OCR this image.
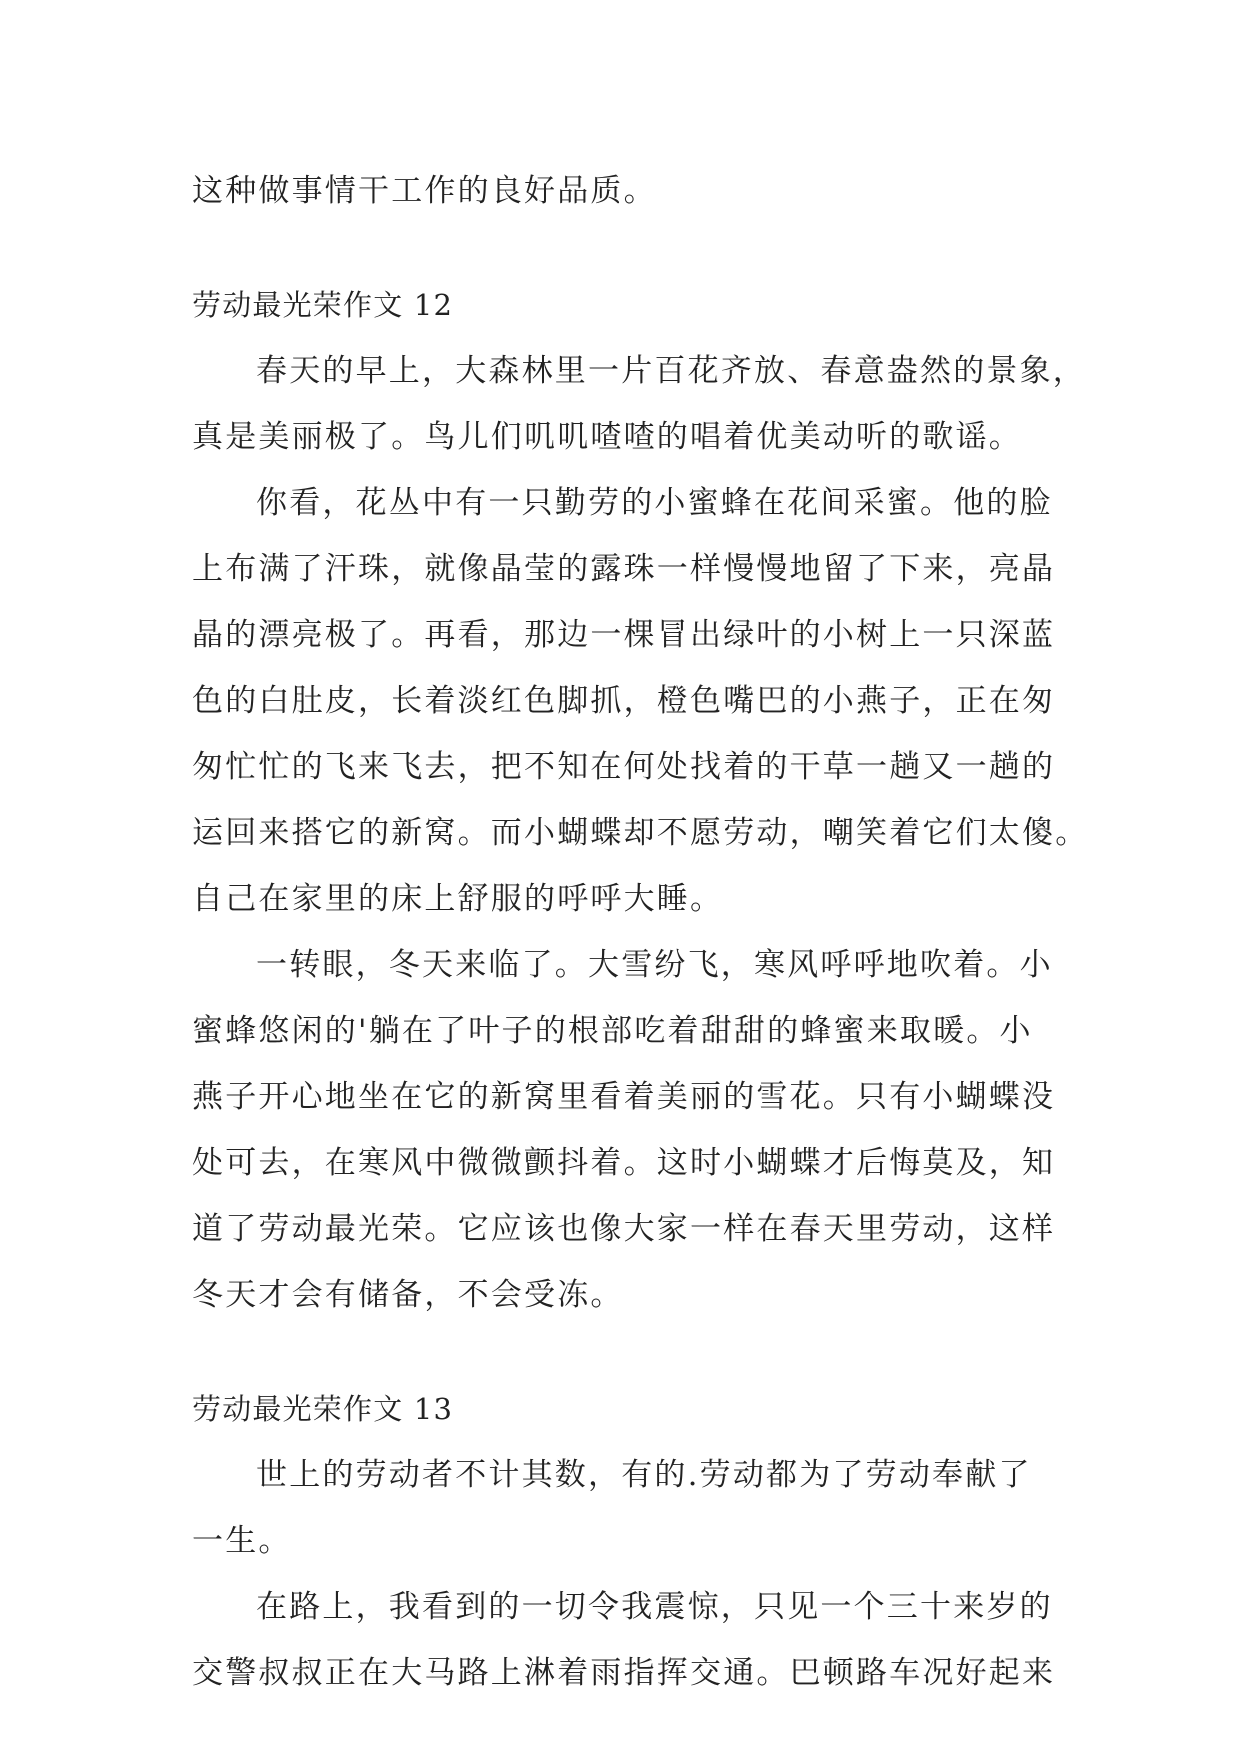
这种做事情干工作的良好品质。
劳动最光荣作文 12
春天的早上，大森林里一片百花齐放、春意盎然的景象，
真是美丽极了。鸟儿们叽叽喳喳的唱着优美动听的歌谣。
你看，花丛中有一只勤劳的小蜜蜂在花间采蜜。他的脸
上布满了汗珠，就像晶莹的露珠一样慢慢地留了下来，亮晶
晶的漂亮极了。再看，那边一棵冒出绿叶的小树上一只深蓝
色的白肚皮，长着淡红色脚抓，橙色嘴巴的小燕子，正在匆
匆忙忙的飞来飞去，把不知在何处找着的干草一趟又一趟的
运回来搭它的新窝。而小蝴蝶却不愿劳动，嘲笑着它们太傻。
自己在家里的床上舒服的呼呼大睡。
一转眼，冬天来临了。大雪纷飞，寒风呼呼地吹着。小
蜜蜂悠闲的'躺在了叶子的根部吃着甜甜的蜂蜜来取暖。小
燕子开心地坐在它的新窝里看着美丽的雪花。只有小蝴蝶没
处可去，在寒风中微微颤抖着。这时小蝴蝶才后悔莫及，知
道了劳动最光荣。它应该也像大家一样在春天里劳动，这样
冬天才会有储备，不会受冻。
劳动最光荣作文 13
世上的劳动者不计其数，有的.劳动都为了劳动奉献了
一生。
在路上，我看到的一切令我震惊，只见一个三十来岁的
交警叔叔正在大马路上淋着雨指挥交通。巴顿路车况好起来
